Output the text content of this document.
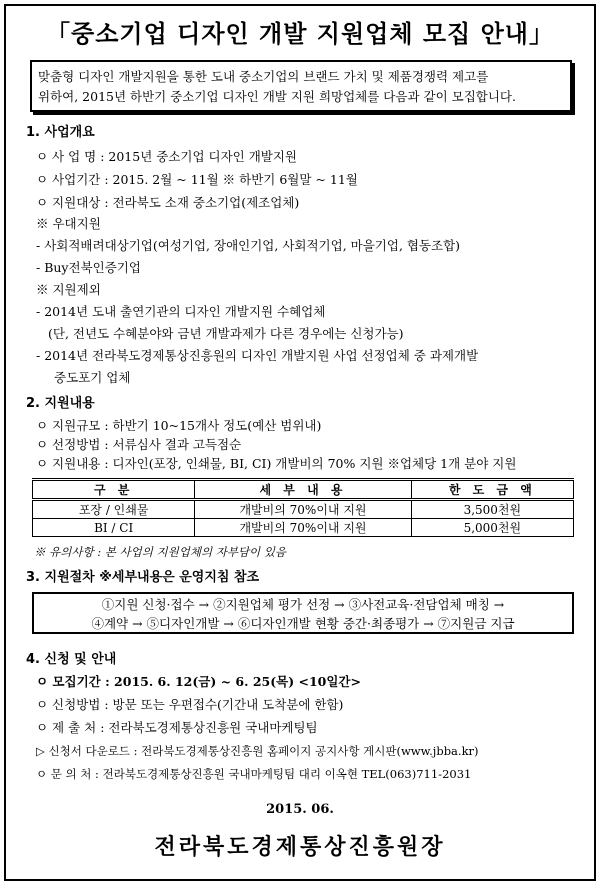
「중소기업 디자인 개발 지원업체 모집 안내」
맞춤형 디자인 개발지원을 통한 도내 중소기업의 브랜드 가치 및 제품경쟁력 제고를
위하여, 2015년 하반기 중소기업 디자인 개발 지원 희망업체를 다음과 같이 모집합니다.
1. 사업개요
ㅇ 사 업 명 : 2015년 중소기업 디자인 개발지원
ㅇ 사업기간 : 2015. 2월 ~ 11월 ※ 하반기 6월말 ~ 11월
ㅇ 지원대상 : 전라북도 소재 중소기업(제조업체)
※ 우대지원
- 사회적배려대상기업(여성기업, 장애인기업, 사회적기업, 마을기업, 협동조합)
- Buy전북인증기업
※ 지원제외
- 2014년 도내 출연기관의 디자인 개발지원 수혜업체
(단, 전년도 수혜분야와 금년 개발과제가 다른 경우에는 신청가능)
- 2014년 전라북도경제통상진흥원의 디자인 개발지원 사업 선정업체 중 과제개발
중도포기 업체
2. 지원내용
ㅇ 지원규모 : 하반기 10~15개사 정도(예산 범위내)
ㅇ 선정방법 : 서류심사 결과 고득점순
ㅇ 지원내용 : 디자인(포장, 인쇄물, BI, CI) 개발비의 70% 지원 ※업체당 1개 분야 지원
구 분	세 부 내 용	한 도 금 액
포장 / 인쇄물	개발비의 70%이내 지원	3,500천원
BI / CI	개발비의 70%이내 지원	5,000천원
※ 유의사항 : 본 사업의 지원업체의 자부담이 있음
3. 지원절차 ※세부내용은 운영지침 참조
①지원 신청·접수 → ②지원업체 평가 선정 → ③사전교육·전담업체 매칭 →
④계약 → ⑤디자인개발 → ⑥디자인개발 현황 중간·최종평가 → ⑦지원금 지급
4. 신청 및 안내
ㅇ 모집기간 : 2015. 6. 12(금) ~ 6. 25(목) <10일간>
ㅇ 신청방법 : 방문 또는 우편접수(기간내 도착분에 한함)
ㅇ 제 출 처 : 전라북도경제통상진흥원 국내마케팅팀
▷ 신청서 다운로드 : 전라북도경제통상진흥원 홈페이지 공지사항 게시판(www.jbba.kr)
ㅇ 문 의 처 : 전라북도경제통상진흥원 국내마케팅팀 대리 이옥현 TEL(063)711-2031
2015. 06.
전라북도경제통상진흥원장
